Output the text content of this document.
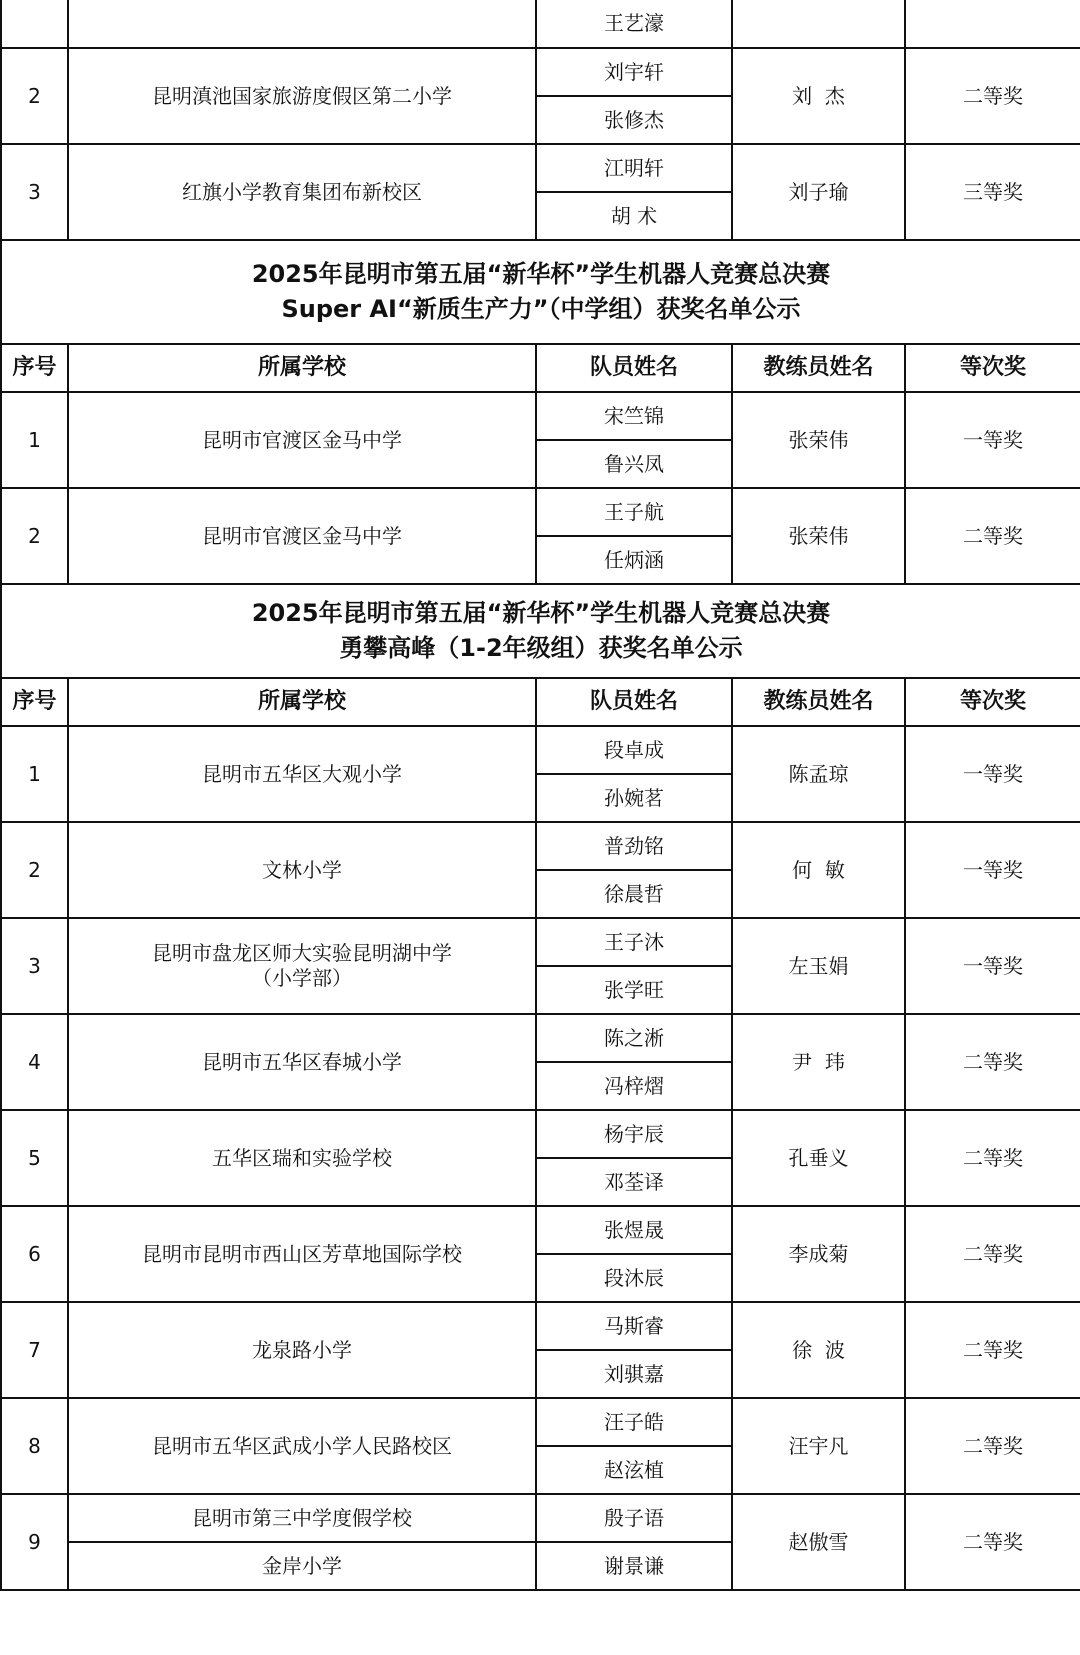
		王艺濠		
2	昆明滇池国家旅游度假区第二小学	刘宇轩	刘  杰	二等奖
		张修杰		
3	红旗小学教育集团布新校区	江明轩	刘子瑜	三等奖
		胡 术		

2025年昆明市第五届“新华杯”学生机器人竞赛总决赛
Super AI“新质生产力”（中学组）获奖名单公示				

序号	所属学校	队员姓名	教练员姓名	等次奖
1	昆明市官渡区金马中学	宋竺锦	张荣伟	一等奖
		鲁兴凤		
2	昆明市官渡区金马中学	王子航	张荣伟	二等奖
		任炳涵		

2025年昆明市第五届“新华杯”学生机器人竞赛总决赛
勇攀高峰（1-2年级组）获奖名单公示				

序号	所属学校	队员姓名	教练员姓名	等次奖
1	昆明市五华区大观小学	段卓成	陈孟琼	一等奖
		孙婉茗		
2	文林小学	普劲铭	何  敏	一等奖
		徐晨哲		
3	昆明市盘龙区师大实验昆明湖中学
（小学部）	王子沐	左玉娟	一等奖
		张学旺		
4	昆明市五华区春城小学	陈之淅	尹  玮	二等奖
		冯梓熠		
5	五华区瑞和实验学校	杨宇辰	孔垂义	二等奖
		邓荃译		
6	昆明市昆明市西山区芳草地国际学校	张煜晟	李成菊	二等奖
		段沐辰		
7	龙泉路小学	马斯睿	徐  波	二等奖
		刘骐嘉		
8	昆明市五华区武成小学人民路校区	汪子皓	汪宇凡	二等奖
		赵泫植		
9	昆明市第三中学度假学校	殷子语	赵傲雪	二等奖
	金岸小学	谢景谦		
